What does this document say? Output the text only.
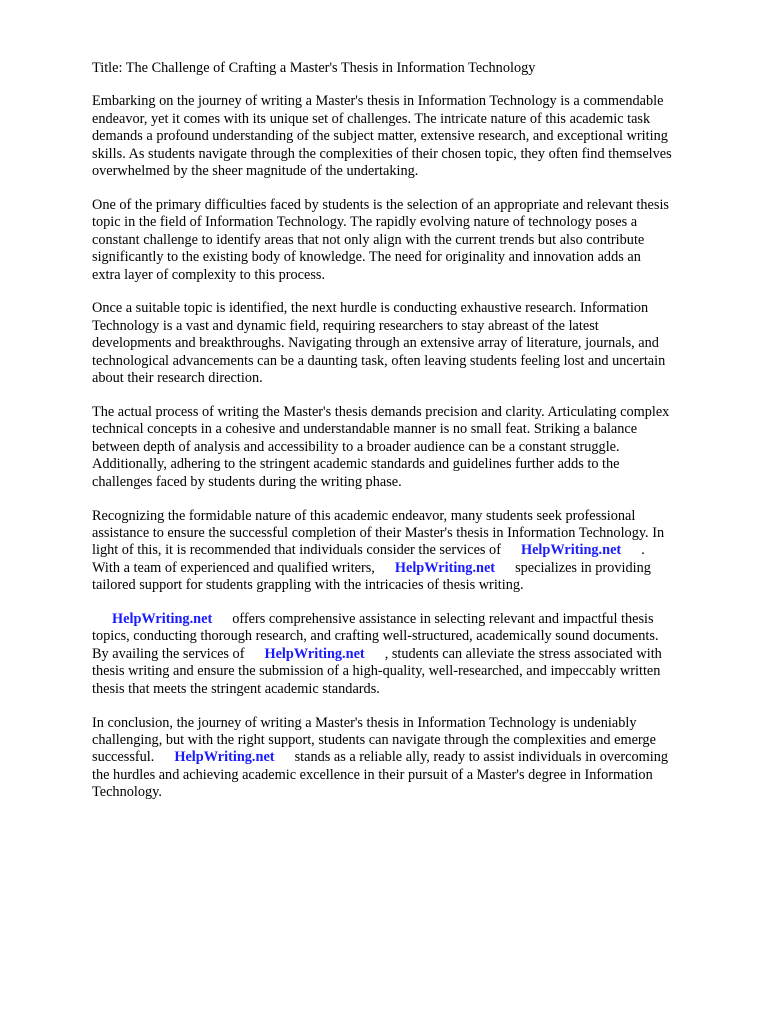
Title: The Challenge of Crafting a Master's Thesis in Information Technology
Embarking on the journey of writing a Master's thesis in Information Technology is a commendable
endeavor, yet it comes with its unique set of challenges. The intricate nature of this academic task
demands a profound understanding of the subject matter, extensive research, and exceptional writing
skills. As students navigate through the complexities of their chosen topic, they often find themselves
overwhelmed by the sheer magnitude of the undertaking.
One of the primary difficulties faced by students is the selection of an appropriate and relevant thesis
topic in the field of Information Technology. The rapidly evolving nature of technology poses a
constant challenge to identify areas that not only align with the current trends but also contribute
significantly to the existing body of knowledge. The need for originality and innovation adds an
extra layer of complexity to this process.
Once a suitable topic is identified, the next hurdle is conducting exhaustive research. Information
Technology is a vast and dynamic field, requiring researchers to stay abreast of the latest
developments and breakthroughs. Navigating through an extensive array of literature, journals, and
technological advancements can be a daunting task, often leaving students feeling lost and uncertain
about their research direction.
The actual process of writing the Master's thesis demands precision and clarity. Articulating complex
technical concepts in a cohesive and understandable manner is no small feat. Striking a balance
between depth of analysis and accessibility to a broader audience can be a constant struggle.
Additionally, adhering to the stringent academic standards and guidelines further adds to the
challenges faced by students during the writing phase.
Recognizing the formidable nature of this academic endeavor, many students seek professional
assistance to ensure the successful completion of their Master's thesis in Information Technology. In
light of this, it is recommended that individuals consider the services of HelpWriting.net .
With a team of experienced and qualified writers, HelpWriting.net specializes in providing
tailored support for students grappling with the intricacies of thesis writing.
HelpWriting.net offers comprehensive assistance in selecting relevant and impactful thesis
topics, conducting thorough research, and crafting well-structured, academically sound documents.
By availing the services of HelpWriting.net , students can alleviate the stress associated with
thesis writing and ensure the submission of a high-quality, well-researched, and impeccably written
thesis that meets the stringent academic standards.
In conclusion, the journey of writing a Master's thesis in Information Technology is undeniably
challenging, but with the right support, students can navigate through the complexities and emerge
successful. HelpWriting.net stands as a reliable ally, ready to assist individuals in overcoming
the hurdles and achieving academic excellence in their pursuit of a Master's degree in Information
Technology.
